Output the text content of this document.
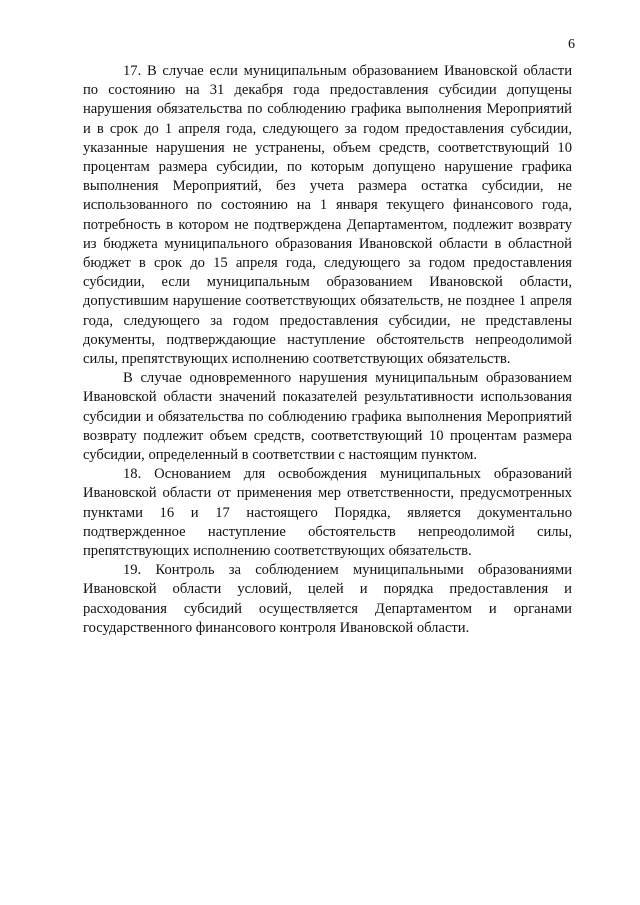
6

17. В случае если муниципальным образованием Ивановской области по состоянию на 31 декабря года предоставления субсидии допущены нарушения обязательства по соблюдению графика выполнения Мероприятий и в срок до 1 апреля года, следующего за годом предоставления субсидии, указанные нарушения не устранены, объем средств, соответствующий 10 процентам размера субсидии, по которым допущено нарушение графика выполнения Мероприятий, без учета размера остатка субсидии, не использованного по состоянию на 1 января текущего финансового года, потребность в котором не подтверждена Департаментом, подлежит возврату из бюджета муниципального образования Ивановской области в областной бюджет в срок до 15 апреля года, следующего за годом предоставления субсидии, если муниципальным образованием Ивановской области, допустившим нарушение соответствующих обязательств, не позднее 1 апреля года, следующего за годом предоставления субсидии, не представлены документы, подтверждающие наступление обстоятельств непреодолимой силы, препятствующих исполнению соответствующих обязательств.

В случае одновременного нарушения муниципальным образованием Ивановской области значений показателей результативности использования субсидии и обязательства по соблюдению графика выполнения Мероприятий возврату подлежит объем средств, соответствующий 10 процентам размера субсидии, определенный в соответствии с настоящим пунктом.

18. Основанием для освобождения муниципальных образований Ивановской области от применения мер ответственности, предусмотренных пунктами 16 и 17 настоящего Порядка, является документально подтвержденное наступление обстоятельств непреодолимой силы, препятствующих исполнению соответствующих обязательств.

19. Контроль за соблюдением муниципальными образованиями Ивановской области условий, целей и порядка предоставления и расходования субсидий осуществляется Департаментом и органами государственного финансового контроля Ивановской области.
